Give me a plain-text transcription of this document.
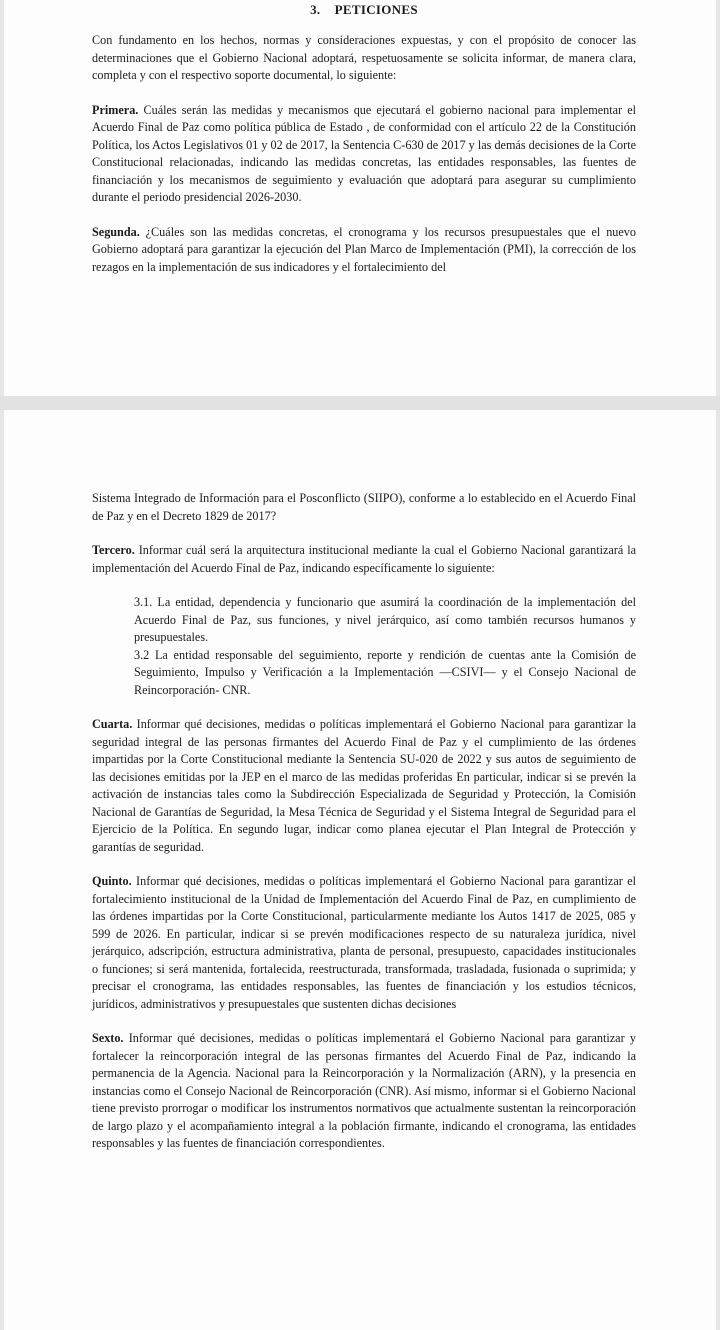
3.    PETICIONES

Con fundamento en los hechos, normas y consideraciones expuestas, y con el propósito de conocer las determinaciones que el Gobierno Nacional adoptará, respetuosamente se solicita informar, de manera clara, completa y con el respectivo soporte documental, lo siguiente:

Primera. Cuáles serán las medidas y mecanismos que ejecutará el gobierno nacional para implementar el Acuerdo Final de Paz como política pública de Estado , de conformidad con el artículo 22 de la Constitución Política, los Actos Legislativos 01 y 02 de 2017, la Sentencia C-630 de 2017 y las demás decisiones de la Corte Constitucional relacionadas, indicando las medidas concretas, las entidades responsables, las fuentes de financiación y los mecanismos de seguimiento y evaluación que adoptará para asegurar su cumplimiento durante el periodo presidencial 2026-2030.

Segunda. ¿Cuáles son las medidas concretas, el cronograma y los recursos presupuestales que el nuevo Gobierno adoptará para garantizar la ejecución del Plan Marco de Implementación (PMI), la corrección de los rezagos en la implementación de sus indicadores y el fortalecimiento del

Sistema Integrado de Información para el Posconflicto (SIIPO), conforme a lo establecido en el Acuerdo Final de Paz y en el Decreto 1829 de 2017?

Tercero. Informar cuál será la arquitectura institucional mediante la cual el Gobierno Nacional garantizará la implementación del Acuerdo Final de Paz, indicando específicamente lo siguiente:

3.1. La entidad, dependencia y funcionario que asumirá la coordinación de la implementación del Acuerdo Final de Paz, sus funciones, y nivel jerárquico, así como también recursos humanos y presupuestales.
3.2 La entidad responsable del seguimiento, reporte y rendición de cuentas ante la Comisión de Seguimiento, Impulso y Verificación a la Implementación —CSIVI— y el Consejo Nacional de Reincorporación- CNR.

Cuarta. Informar qué decisiones, medidas o políticas implementará el Gobierno Nacional para garantizar la seguridad integral de las personas firmantes del Acuerdo Final de Paz y el cumplimiento de las órdenes impartidas por la Corte Constitucional mediante la Sentencia SU-020 de 2022 y sus autos de seguimiento de las decisiones emitidas por la JEP en el marco de las medidas proferidas En particular, indicar si se prevén la activación de instancias tales como la Subdirección Especializada de Seguridad y Protección, la Comisión Nacional de Garantías de Seguridad, la Mesa Técnica de Seguridad y el Sistema Integral de Seguridad para el Ejercicio de la Política. En segundo lugar, indicar como planea ejecutar el Plan Integral de Protección y garantías de seguridad.

Quinto. Informar qué decisiones, medidas o políticas implementará el Gobierno Nacional para garantizar el fortalecimiento institucional de la Unidad de Implementación del Acuerdo Final de Paz, en cumplimiento de las órdenes impartidas por la Corte Constitucional, particularmente mediante los Autos 1417 de 2025, 085 y 599 de 2026. En particular, indicar si se prevén modificaciones respecto de su naturaleza jurídica, nivel jerárquico, adscripción, estructura administrativa, planta de personal, presupuesto, capacidades institucionales o funciones; si será mantenida, fortalecida, reestructurada, transformada, trasladada, fusionada o suprimida; y precisar el cronograma, las entidades responsables, las fuentes de financiación y los estudios técnicos, jurídicos, administrativos y presupuestales que sustenten dichas decisiones

Sexto. Informar qué decisiones, medidas o políticas implementará el Gobierno Nacional para garantizar y fortalecer la reincorporación integral de las personas firmantes del Acuerdo Final de Paz, indicando la permanencia de la Agencia. Nacional para la Reincorporación y la Normalización (ARN), y la presencia en instancias como el Consejo Nacional de Reincorporación (CNR). Así mismo, informar si el Gobierno Nacional tiene previsto prorrogar o modificar los instrumentos normativos que actualmente sustentan la reincorporación de largo plazo y el acompañamiento integral a la población firmante, indicando el cronograma, las entidades responsables y las fuentes de financiación correspondientes.
